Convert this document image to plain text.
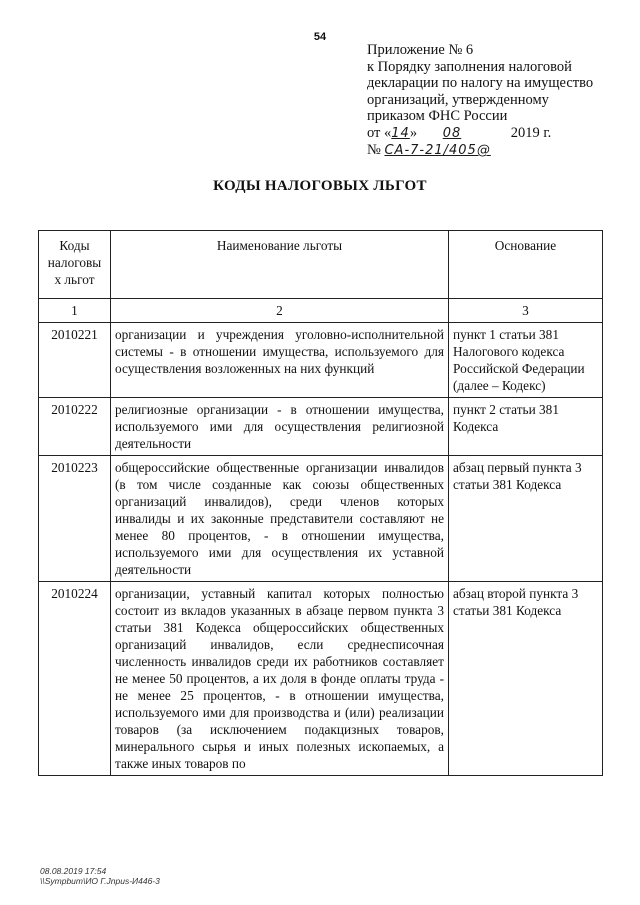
54
Приложение № 6
к Порядку заполнения налоговой
декларации по налогу на имущество
организаций, утвержденному
приказом ФНС России
от «14» 08	2019 г.
№ СА-7-21/405@
КОДЫ НАЛОГОВЫХ ЛЬГОТ
Коды налоговы х льгот	Наименование льготы	Основание
1	2	3
2010221	организации и учреждения уголовно-исполнительной системы - в отношении имущества, используемого для осуществления возложенных на них функций	пункт 1 статьи 381 Налогового кодекса Российской Федерации (далее – Кодекс)
2010222	религиозные организации - в отношении имущества, используемого ими для осуществления религиозной деятельности	пункт 2 статьи 381 Кодекса
2010223	общероссийские общественные организации инвалидов (в том числе созданные как союзы общественных организаций инвалидов), среди членов которых инвалиды и их законные представители составляют не менее 80 процентов, - в отношении имущества, используемого ими для осуществления их уставной деятельности	абзац первый пункта 3 статьи 381 Кодекса
2010224	организации, уставный капитал которых полностью состоит из вкладов указанных в абзаце первом пункта 3 статьи 381 Кодекса общероссийских общественных организаций инвалидов, если среднесписочная численность инвалидов среди их работников составляет не менее 50 процентов, а их доля в фонде оплаты труда - не менее 25 процентов, - в отношении имущества, используемого ими для производства и (или) реализации товаров (за исключением подакцизных товаров, минерального сырья и иных полезных ископаемых, а также иных товаров по	абзац второй пункта 3 статьи 381 Кодекса
08.08.2019 17:54
\\Sympbum\ИО Г.Jnpus-И446-3
